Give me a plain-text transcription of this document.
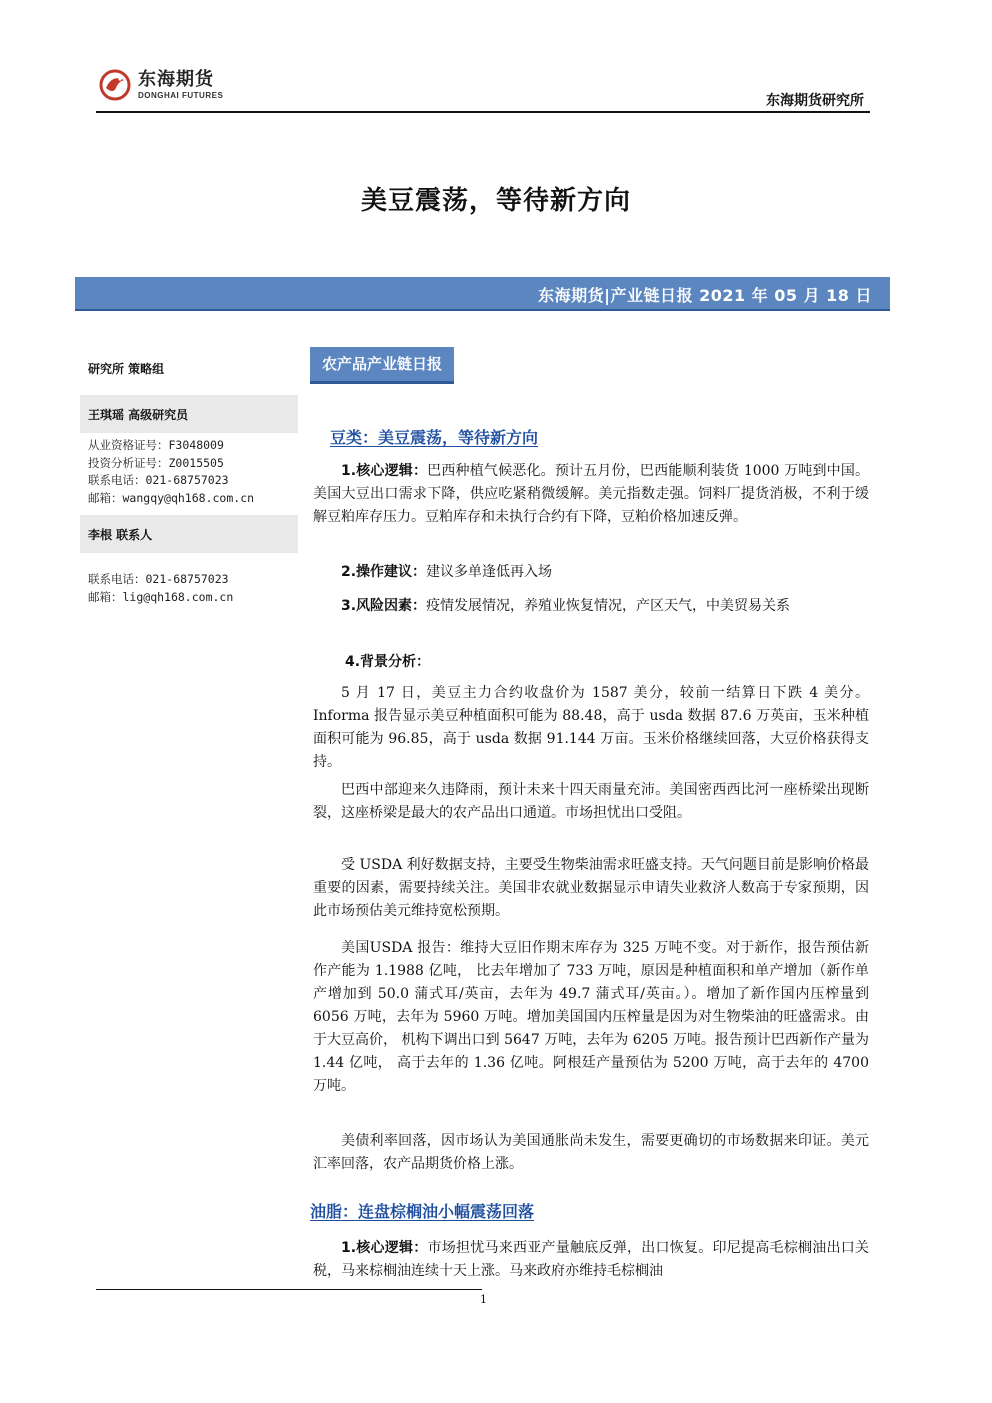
东海期货
DONGHAI FUTURES	东海期货研究所
美豆震荡，等待新方向
东海期货|产业链日报 2021 年 05 月 18 日
研究所 策略组
王琪瑶 高级研究员
从业资格证号：F3048009
投资分析证号：Z0015505
联系电话：021-68757023
邮箱：wangqy@qh168.com.cn
李根 联系人
联系电话：021-68757023
邮箱：lig@qh168.com.cn
农产品产业链日报
豆类：美豆震荡，等待新方向

1.核心逻辑：巴西种植气候恶化。预计五月份，巴西能顺利装货 1000 万吨到中国。美国大豆出口需求下降，供应吃紧稍微缓解。美元指数走强。饲料厂提货消极，不利于缓解豆粕库存压力。豆粕库存和未执行合约有下降，豆粕价格加速反弹。

2.操作建议：建议多单逢低再入场

3.风险因素：疫情发展情况，养殖业恢复情况，产区天气，中美贸易关系

4.背景分析：

5 月 17 日，美豆主力合约收盘价为 1587 美分，较前一结算日下跌 4 美分。Informa 报告显示美豆种植面积可能为 88.48，高于 usda 数据 87.6 万英亩，玉米种植面积可能为 96.85，高于 usda 数据 91.144 万亩。玉米价格继续回落，大豆价格获得支持。

巴西中部迎来久违降雨，预计未来十四天雨量充沛。美国密西西比河一座桥梁出现断裂，这座桥梁是最大的农产品出口通道。市场担忧出口受阻。

受 USDA 利好数据支持，主要受生物柴油需求旺盛支持。天气问题目前是影响价格最重要的因素，需要持续关注。美国非农就业数据显示申请失业救济人数高于专家预期，因此市场预估美元维持宽松预期。

美国USDA 报告：维持大豆旧作期末库存为 325 万吨不变。对于新作，报告预估新作产能为 1.1988 亿吨， 比去年增加了 733 万吨，原因是种植面积和单产增加（新作单产增加到 50.0 蒲式耳/英亩，去年为 49.7 蒲式耳/英亩。）。增加了新作国内压榨量到 6056 万吨，去年为 5960 万吨。增加美国国内压榨量是因为对生物柴油的旺盛需求。由于大豆高价， 机构下调出口到 5647 万吨，去年为 6205 万吨。报告预计巴西新作产量为 1.44 亿吨， 高于去年的 1.36 亿吨。阿根廷产量预估为 5200 万吨，高于去年的 4700 万吨。

美债利率回落，因市场认为美国通胀尚未发生，需要更确切的市场数据来印证。美元汇率回落，农产品期货价格上涨。

油脂：连盘棕榈油小幅震荡回落

1.核心逻辑：市场担忧马来西亚产量触底反弹，出口恢复。印尼提高毛棕榈油出口关税，马来棕榈油连续十天上涨。马来政府亦维持毛棕榈油

1
